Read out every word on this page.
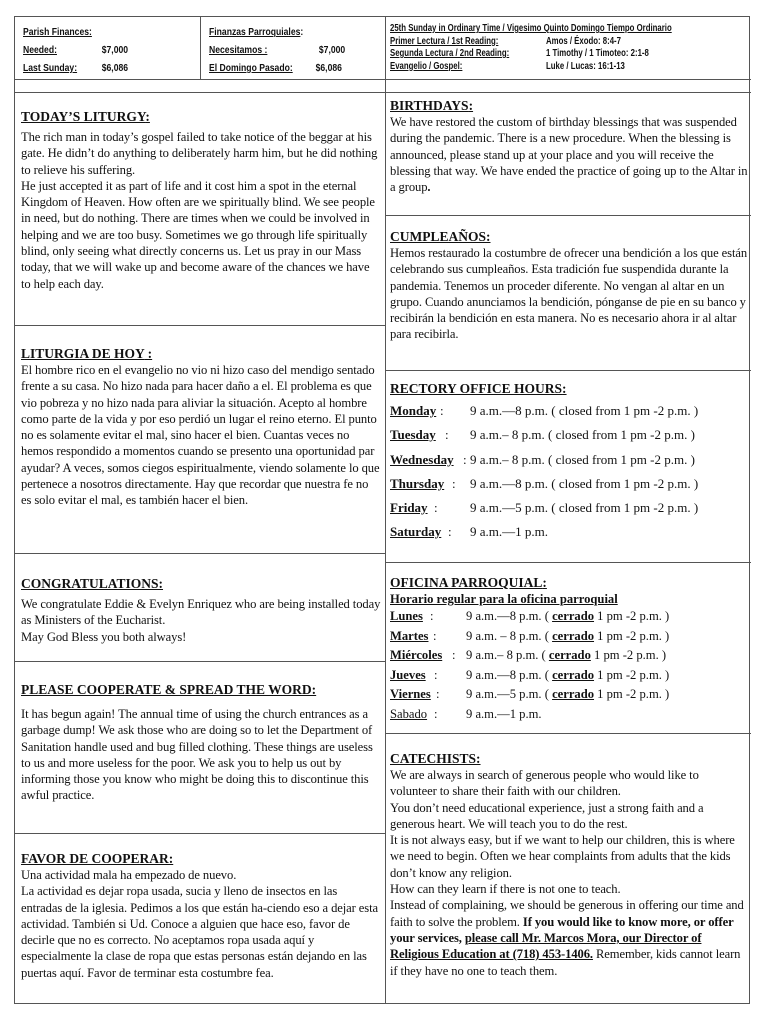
Parish Finances:
Needed:	$7,000
Last Sunday: $6,086
Finanzas Parroquiales:
Necesitamos :	$7,000
El Domingo Pasado: $6,086
25th Sunday in Ordinary Time / Vigesimo Quinto Domingo Tiempo Ordinario
Primer Lectura / 1st Reading:	Amos / Éxodo: 8:4-7
Segunda Lectura / 2nd Reading:	1 Timothy / 1 Timoteo: 2:1-8
Evangelio / Gospel:	Luke / Lucas: 16:1-13
TODAY’S LITURGY:

The rich man in today’s gospel failed to take notice of the beggar at his gate. He didn’t do anything to deliberately harm him, but he did nothing to relieve his suffering.

He just accepted it as part of life and it cost him a spot in the eternal Kingdom of Heaven. How often are we spiritually blind. We see people in need, but do nothing. There are times when we could be involved in helping and we are too busy. Sometimes we go through life spiritually blind, only seeing what directly concerns us. Let us pray in our Mass today, that we will wake up and become aware of the chances we have to help each day.

LITURGIA DE HOY :

El hombre rico en el evangelio no vio ni hizo caso del mendigo sentado frente a su casa. No hizo nada para hacer daño a el. El problema es que vio pobreza y no hizo nada para aliviar la situación. Acepto al hombre como parte de la vida y por eso perdió un lugar el reino eterno. El punto no es solamente evitar el mal, sino hacer el bien. Cuantas veces no hemos respondido a momentos cuando se presento una oportunidad par ayudar? A veces, somos ciegos espiritualmente, viendo solamente lo que pertenece a nosotros directamente. Hay que recordar que nuestra fe no es solo evitar el mal, es también hacer el bien.

CONGRATULATIONS:

We congratulate Eddie & Evelyn Enriquez who are being installed today as Ministers of the Eucharist.

May God Bless you both always!

PLEASE COOPERATE & SPREAD THE WORD:

It has begun again! The annual time of using the church entrances as a garbage dump! We ask those who are doing so to let the Department of Sanitation handle used and bug filled clothing. These things are useless to us and more useless for the poor. We ask you to help us out by informing those you know who might be doing this to discontinue this awful practice.

FAVOR DE COOPERAR:

Una actividad mala ha empezado de nuevo.

La actividad es dejar ropa usada, sucia y lleno de insectos en las entradas de la iglesia. Pedimos a los que están ha-ciendo eso a dejar esta actividad. También si Ud. Conoce a alguien que hace eso, favor de decirle que no es correcto. No aceptamos ropa usada aquí y especialmente la clase de ropa que estas personas están dejando en las puertas aquí. Favor de terminar esta costumbre fea.

BIRTHDAYS:

We have restored the custom of birthday blessings that was suspended during the pandemic. There is a new procedure. When the blessing is announced, please stand up at your place and you will receive the blessing that way. We have ended the practice of going up to the Altar in a group.

CUMPLEAÑOS:

Hemos restaurado la costumbre de ofrecer una bendición a los que están celebrando sus cumpleaños. Esta tradición fue suspendida durante la pandemia. Tenemos un proceder diferente. No vengan al altar en un grupo. Cuando anunciamos la bendición, pónganse de pie en su banco y recibirán la bendición en esta manera. No es necesario ahora ir al altar para recibirla.

RECTORY OFFICE HOURS:
Monday : 9 a.m.—8 p.m. ( closed from 1 pm -2 p.m. )
Tuesday : 9 a.m.– 8 p.m. ( closed from 1 pm -2 p.m. )
Wednesday : 9 a.m.– 8 p.m. ( closed from 1 pm -2 p.m. )
Thursday : 9 a.m.—8 p.m. ( closed from 1 pm -2 p.m. )
Friday : 9 a.m.—5 p.m. ( closed from 1 pm -2 p.m. )
Saturday : 9 a.m.—1 p.m.
OFICINA PARROQUIAL:
Horario regular para la oficina parroquial
Lunes :	9 a.m.—8 p.m. ( cerrado 1 pm -2 p.m. )
Martes : 9 a.m. – 8 p.m. ( cerrado 1 pm -2 p.m. )
Miércoles : 9 a.m.– 8 p.m. ( cerrado 1 pm -2 p.m. )
Jueves : 9 a.m.—8 p.m. ( cerrado 1 pm -2 p.m. )
Viernes : 9 a.m.—5 p.m. ( cerrado 1 pm -2 p.m. )
Sabado : 9 a.m.—1 p.m.
CATECHISTS:

We are always in search of generous people who would like to volunteer to share their faith with our children.

You don’t need educational experience, just a strong faith and a generous heart. We will teach you to do the rest.

It is not always easy, but if we want to help our children, this is where we need to begin. Often we hear complaints from adults that the kids don’t know any religion.

How can they learn if there is not one to teach.

Instead of complaining, we should be generous in offering our time and faith to solve the problem. If you would like to know more, or offer your services, please call Mr. Marcos Mora, our Director of Religious Education at (718) 453-1406. Remember, kids cannot learn if they have no one to teach them.
